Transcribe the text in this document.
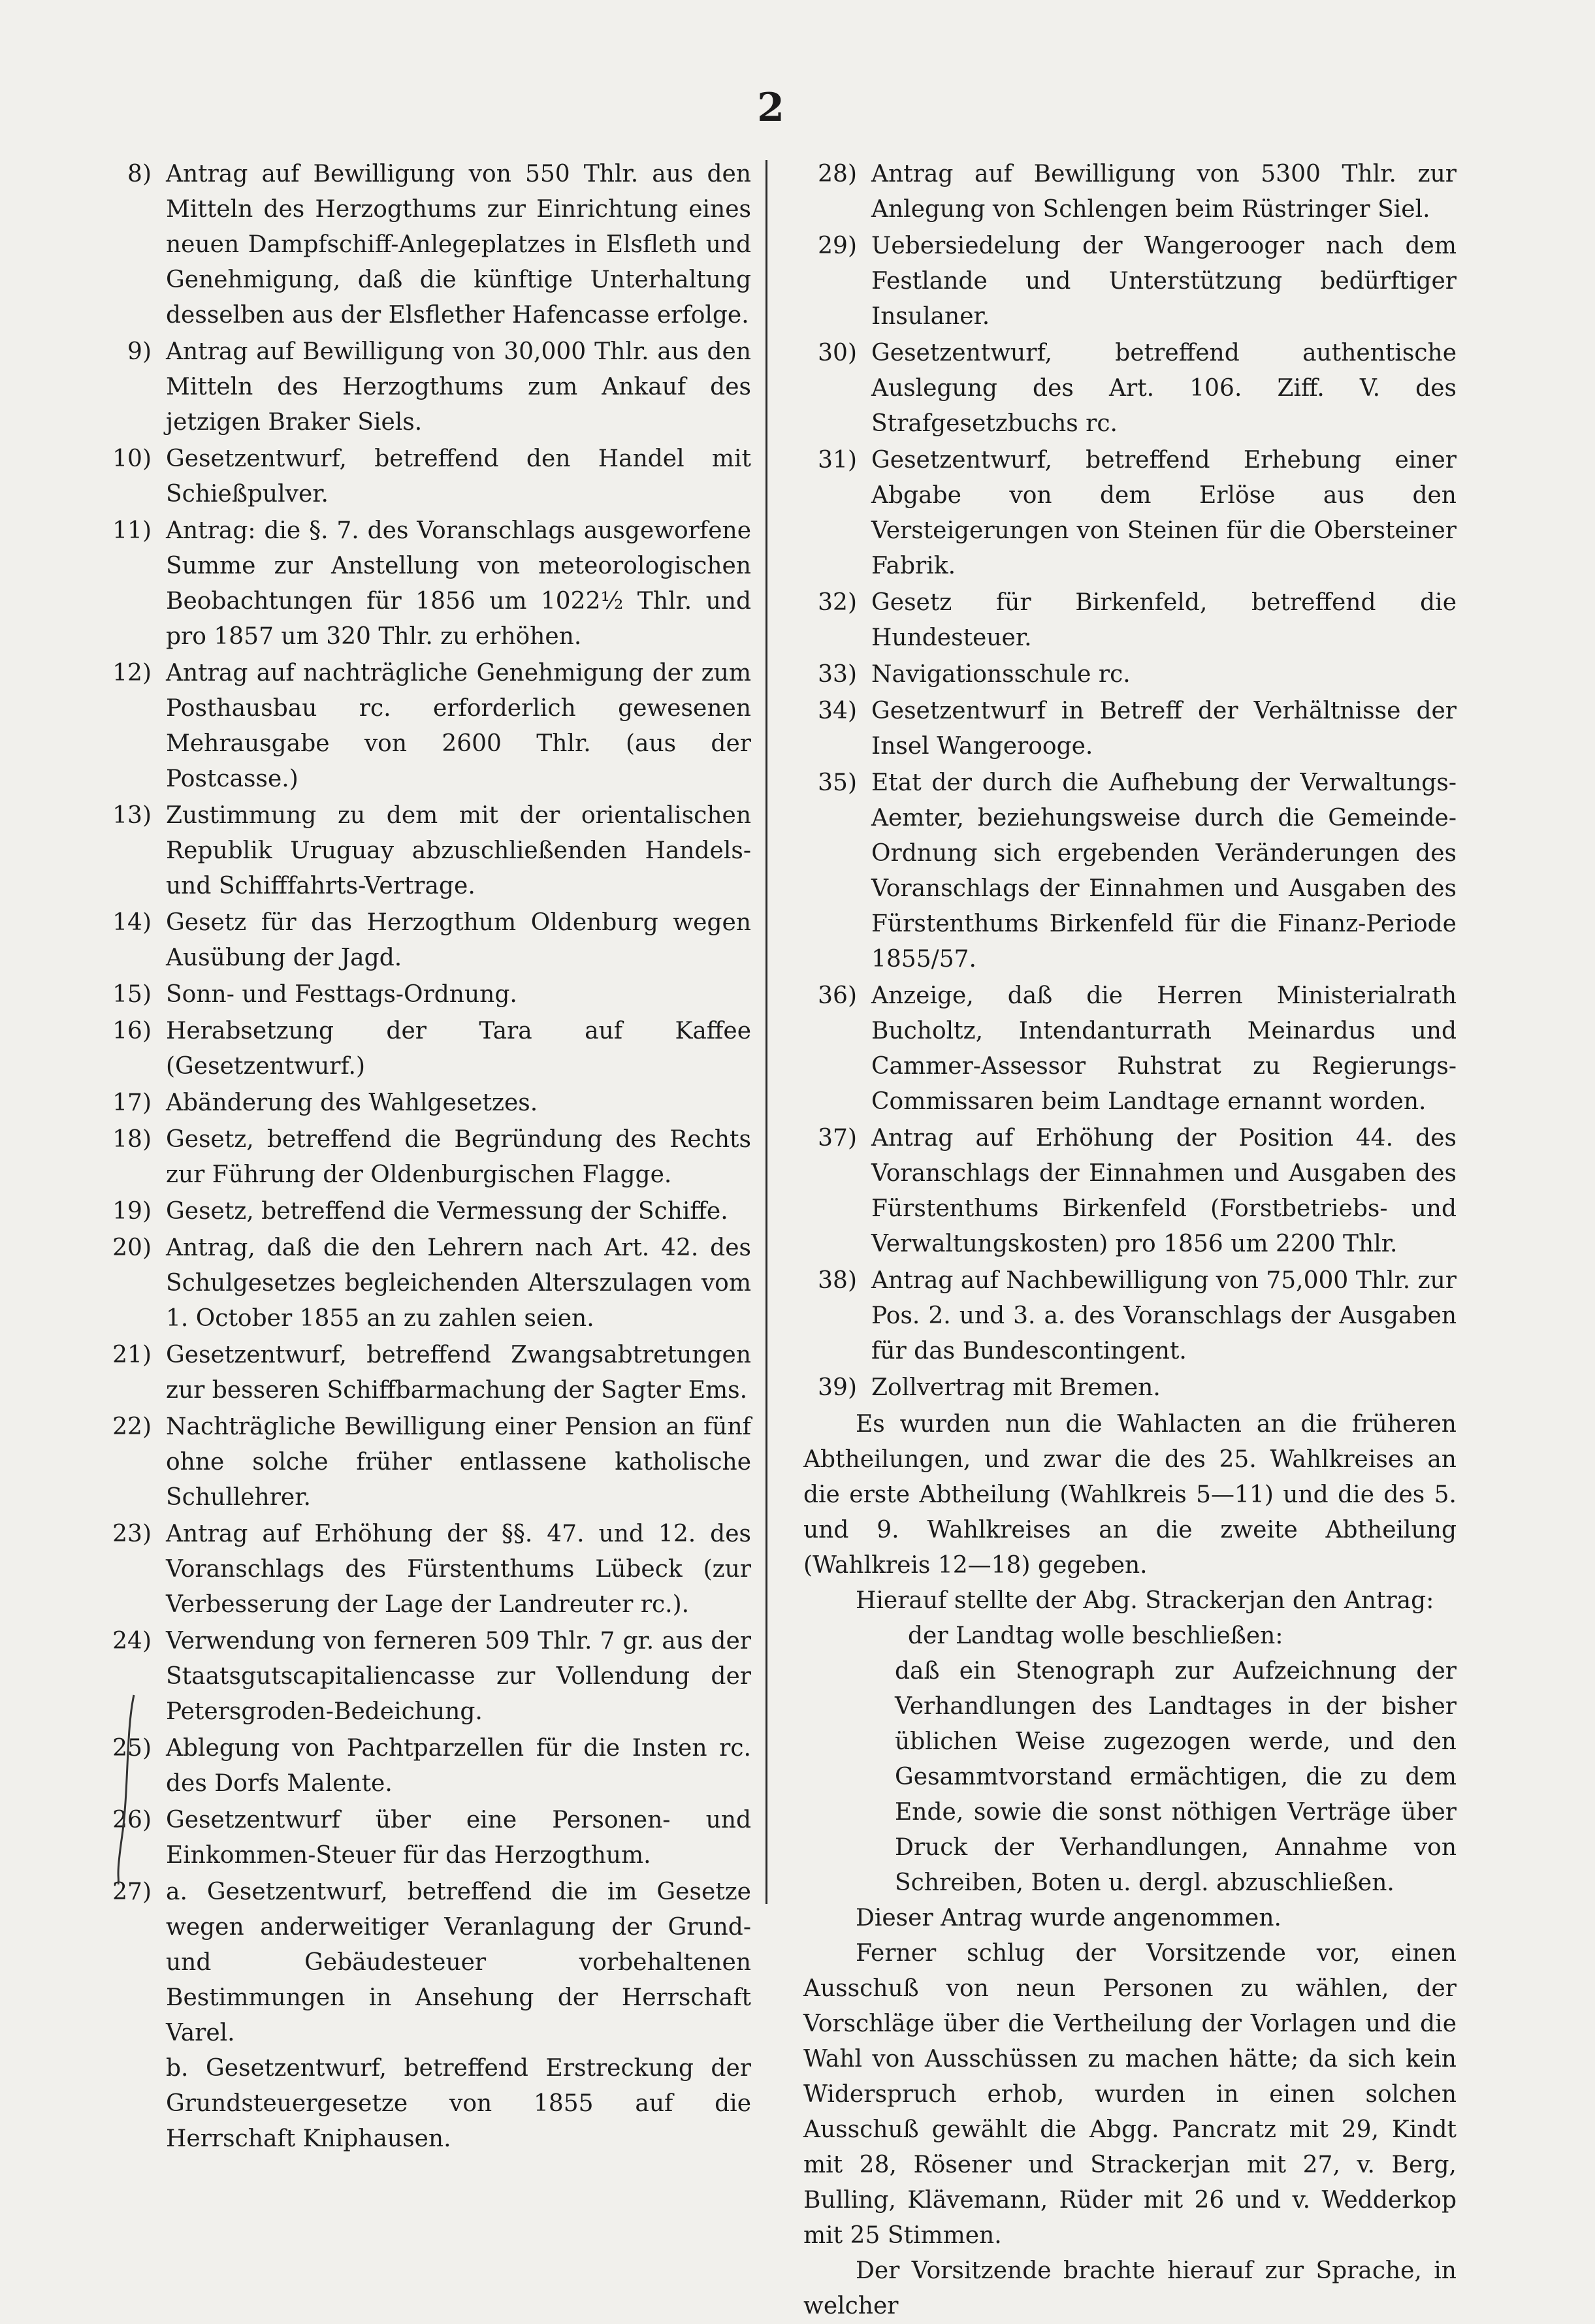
2
8) Antrag auf Bewilligung von 550 Thlr. aus den Mitteln des Herzogthums zur Einrichtung eines neuen Dampfschiff-Anlegeplatzes in Elsfleth und Genehmigung, daß die künftige Unterhaltung desselben aus der Elsflether Hafencasse erfolge.
9) Antrag auf Bewilligung von 30,000 Thlr. aus den Mitteln des Herzogthums zum Ankauf des jetzigen Braker Siels.
10) Gesetzentwurf, betreffend den Handel mit Schießpulver.
11) Antrag: die §. 7. des Voranschlags ausgeworfene Summe zur Anstellung von meteorologischen Beobachtungen für 1856 um 1022½ Thlr. und pro 1857 um 320 Thlr. zu erhöhen.
12) Antrag auf nachträgliche Genehmigung der zum Posthausbau rc. erforderlich gewesenen Mehrausgabe von 2600 Thlr. (aus der Postcasse.)
13) Zustimmung zu dem mit der orientalischen Republik Uruguay abzuschließenden Handels- und Schifffahrts-Vertrage.
14) Gesetz für das Herzogthum Oldenburg wegen Ausübung der Jagd.
15) Sonn- und Festtags-Ordnung.
16) Herabsetzung der Tara auf Kaffee (Gesetzentwurf.)
17) Abänderung des Wahlgesetzes.
18) Gesetz, betreffend die Begründung des Rechts zur Führung der Oldenburgischen Flagge.
19) Gesetz, betreffend die Vermessung der Schiffe.
20) Antrag, daß die den Lehrern nach Art. 42. des Schulgesetzes begleichenden Alterszulagen vom 1. October 1855 an zu zahlen seien.
21) Gesetzentwurf, betreffend Zwangsabtretungen zur besseren Schiffbarmachung der Sagter Ems.
22) Nachträgliche Bewilligung einer Pension an fünf ohne solche früher entlassene katholische Schullehrer.
23) Antrag auf Erhöhung der §§. 47. und 12. des Voranschlags des Fürstenthums Lübeck (zur Verbesserung der Lage der Landreuter rc.).
24) Verwendung von ferneren 509 Thlr. 7 gr. aus der Staatsgutscapitaliencasse zur Vollendung der Petersgroden-Bedeichung.
25) Ablegung von Pachtparzellen für die Insten rc. des Dorfs Malente.
26) Gesetzentwurf über eine Personen- und Einkommen-Steuer für das Herzogthum.
27) a. Gesetzentwurf, betreffend die im Gesetze wegen anderweitiger Veranlagung der Grund- und Gebäudesteuer vorbehaltenen Bestimmungen in Ansehung der Herrschaft Varel.
b. Gesetzentwurf, betreffend Erstreckung der Grundsteuergesetze von 1855 auf die Herrschaft Kniphausen.
28) Antrag auf Bewilligung von 5300 Thlr. zur Anlegung von Schlengen beim Rüstringer Siel.
29) Uebersiedelung der Wangerooger nach dem Festlande und Unterstützung bedürftiger Insulaner.
30) Gesetzentwurf, betreffend authentische Auslegung des Art. 106. Ziff. V. des Strafgesetzbuchs rc.
31) Gesetzentwurf, betreffend Erhebung einer Abgabe von dem Erlöse aus den Versteigerungen von Steinen für die Obersteiner Fabrik.
32) Gesetz für Birkenfeld, betreffend die Hundesteuer.
33) Navigationsschule rc.
34) Gesetzentwurf in Betreff der Verhältnisse der Insel Wangerooge.
35) Etat der durch die Aufhebung der Verwaltungs-Aemter, beziehungsweise durch die Gemeinde-Ordnung sich ergebenden Veränderungen des Voranschlags der Einnahmen und Ausgaben des Fürstenthums Birkenfeld für die Finanz-Periode 1855/57.
36) Anzeige, daß die Herren Ministerialrath Bucholtz, Intendanturrath Meinardus und Cammer-Assessor Ruhstrat zu Regierungs-Commissaren beim Landtage ernannt worden.
37) Antrag auf Erhöhung der Position 44. des Voranschlags der Einnahmen und Ausgaben des Fürstenthums Birkenfeld (Forstbetriebs- und Verwaltungskosten) pro 1856 um 2200 Thlr.
38) Antrag auf Nachbewilligung von 75,000 Thlr. zur Pos. 2. und 3. a. des Voranschlags der Ausgaben für das Bundescontingent.
39) Zollvertrag mit Bremen.

Es wurden nun die Wahlacten an die früheren Abtheilungen, und zwar die des 25. Wahlkreises an die erste Abtheilung (Wahlkreis 5—11) und die des 5. und 9. Wahlkreises an die zweite Abtheilung (Wahlkreis 12—18) gegeben.

Hierauf stellte der Abg. Strackerjan den Antrag:

der Landtag wolle beschließen:

daß ein Stenograph zur Aufzeichnung der Verhandlungen des Landtages in der bisher üblichen Weise zugezogen werde, und den Gesammtvorstand ermächtigen, die zu dem Ende, sowie die sonst nöthigen Verträge über Druck der Verhandlungen, Annahme von Schreiben, Boten u. dergl. abzuschließen.

Dieser Antrag wurde angenommen.

Ferner schlug der Vorsitzende vor, einen Ausschuß von neun Personen zu wählen, der Vorschläge über die Vertheilung der Vorlagen und die Wahl von Ausschüssen zu machen hätte; da sich kein Widerspruch erhob, wurden in einen solchen Ausschuß gewählt die Abgg. Pancratz mit 29, Kindt mit 28, Rösener und Strackerjan mit 27, v. Berg, Bulling, Klävemann, Rüder mit 26 und v. Wedderkop mit 25 Stimmen.

Der Vorsitzende brachte hierauf zur Sprache, in welcher
